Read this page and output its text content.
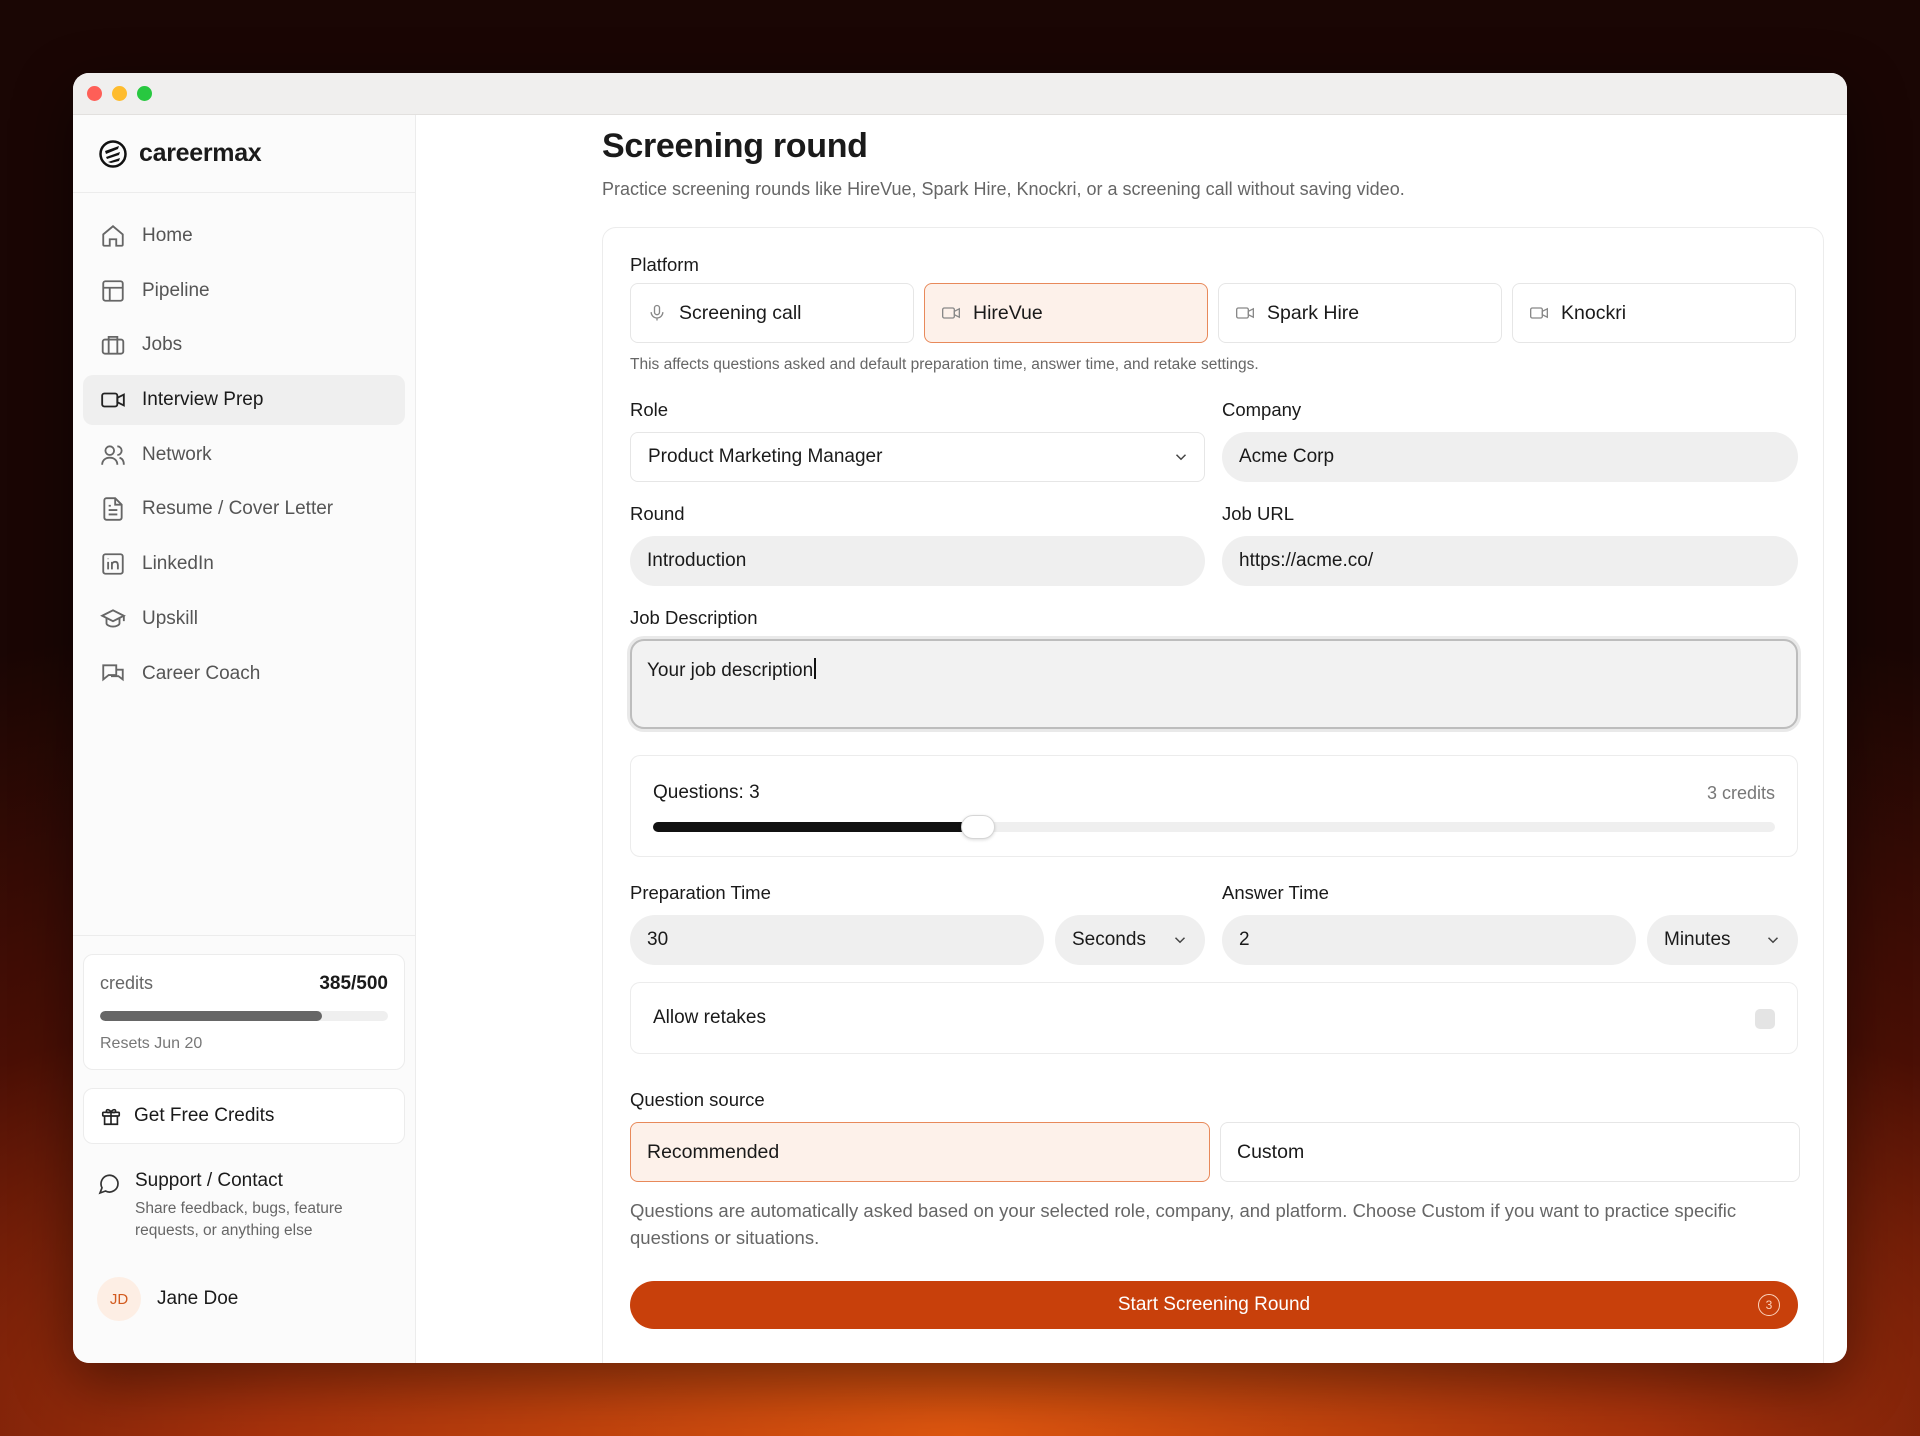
careermax
Home
Pipeline
Jobs
Interview Prep
Network
Resume / Cover Letter
LinkedIn
Upskill
Career Coach
credits	385/500
Resets Jun 20
Get Free Credits
Support / Contact
Share feedback, bugs, feature requests, or anything else
JD	Jane Doe
Screening round

Practice screening rounds like HireVue, Spark Hire, Knockri, or a screening call without saving video.

Platform
Screening call	HireVue	Spark Hire	Knockri
This affects questions asked and default preparation time, answer time, and retake settings.
Role
Product Marketing Manager
Company
Acme Corp
Round
Introduction
Job URL
https://acme.co/
Job Description
Your job description
Questions: 3	3 credits
Preparation Time
30	Seconds
Answer Time
2	Minutes
Allow retakes
Question source
Recommended	Custom
Questions are automatically asked based on your selected role, company, and platform. Choose Custom if you want to practice specific questions or situations.
Start Screening Round	3
